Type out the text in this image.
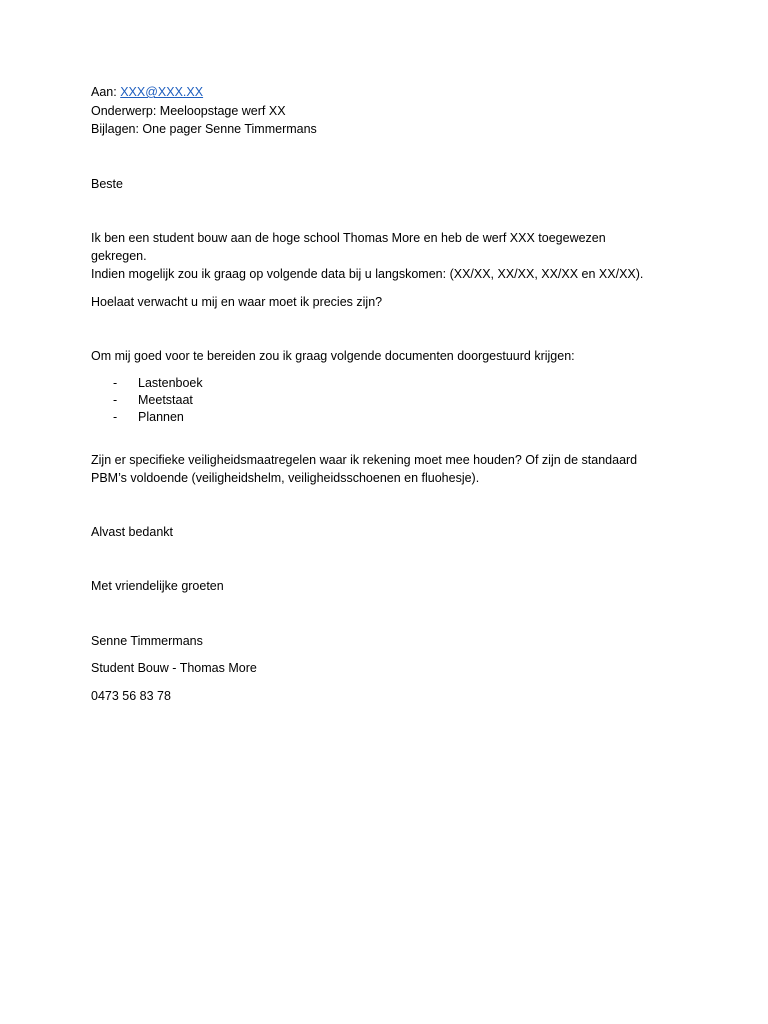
Aan: XXX@XXX.XX
Onderwerp: Meeloopstage werf XX
Bijlagen: One pager Senne Timmermans
Beste
Ik ben een student bouw aan de hoge school Thomas More en heb de werf XXX toegewezen
gekregen.
Indien mogelijk zou ik graag op volgende data bij u langskomen: (XX/XX, XX/XX, XX/XX en XX/XX).
Hoelaat verwacht u mij en waar moet ik precies zijn?
Om mij goed voor te bereiden zou ik graag volgende documenten doorgestuurd krijgen:
- Lastenboek
- Meetstaat
- Plannen
Zijn er specifieke veiligheidsmaatregelen waar ik rekening moet mee houden? Of zijn de standaard
PBM’s voldoende (veiligheidshelm, veiligheidsschoenen en fluohesje).
Alvast bedankt
Met vriendelijke groeten
Senne Timmermans
Student Bouw - Thomas More
0473 56 83 78
